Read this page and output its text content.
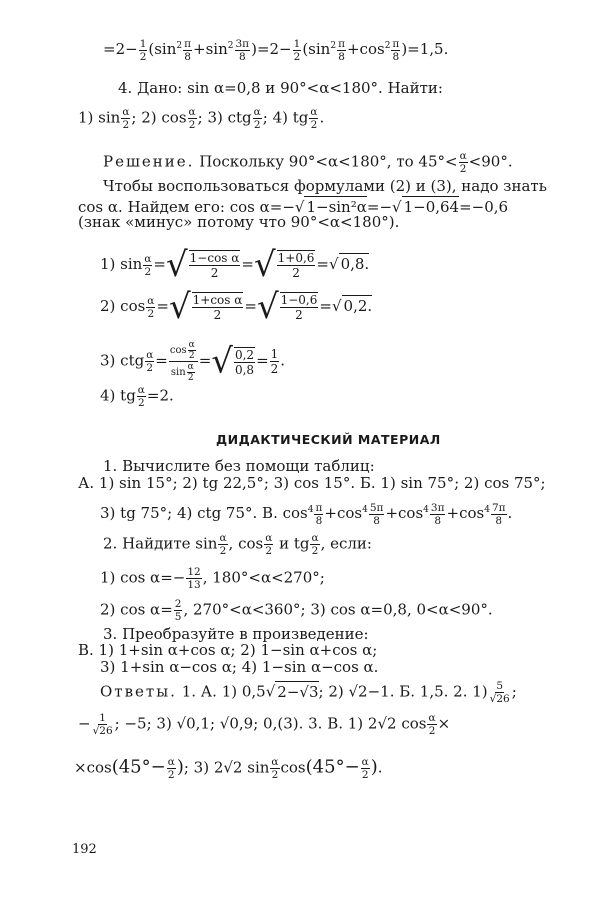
$=2- \frac{1}{2} (\sin^2 \frac{\pi}{8} +\sin^2 \frac{3\pi}{8} )=2- \frac{1}{2} (\sin^2 \frac{\pi}{8} +\cos^2 \frac{\pi}{8} )=1,5$.
4. Дано: sin α=0,8 и 90°<α<180°. Найти:
1) $\sin \frac{\alpha}{2}$ ; 2) $\cos \frac{\alpha}{2}$ ; 3) ctg $\frac{\alpha}{2}$ ; 4) tg $\frac{\alpha}{2}$ .
Решение. Поскольку 90°<α<180°, то $45^\circ< \frac{\alpha}{2} <90^\circ$.
Чтобы воспользоваться формулами (2) и (3), надо знать
cos α. Найдем его: cos α=−√ 1−sin²α=−√ 1−0,64=−0,6
(знак «минус» потому что 90°<α<180°).
1) $\sin \frac{\alpha}{2}$ =√ $\frac{\text{1−cos α}}{2}$ =√ $\frac{1+0,6}{2}$ =√ 0,8.
2) $\cos \frac{\alpha}{2}$ =√ $\frac{\text{1+cos α}}{2}$ =√ $\frac{1-0,6}{2}$ =√ 0,2.
3) ctg $\frac{\alpha}{2} = \frac{\cos \frac{\alpha}{2}}{\sin \frac{\alpha}{2}}$ =√ $\frac{0,2}{0,8} = \frac{1}{2}$ .
4) tg $\frac{\alpha}{2} =2$.
ДИДАКТИЧЕСКИЙ МАТЕРИАЛ
1. Вычислите без помощи таблиц:
А. 1) sin 15°; 2) tg 22,5°; 3) cos 15°. Б. 1) sin 75°; 2) cos 75°;
3) tg 75°; 4) ctg 75°. В. $\cos^4 \frac{\pi}{8} +\cos^4 \frac{5\pi}{8} +\cos^4 \frac{3\pi}{8} +\cos^4 \frac{7\pi}{8}$ .
2. Найдите $\sin \frac{\alpha}{2}$ , $\cos \frac{\alpha}{2}$ и tg $\frac{\alpha}{2}$ , если:
1) $\cos \alpha=- \frac{12}{13}$ , 180°<α<270°;
2) $\cos \alpha= \frac{2}{5}$ , 270°<α<360°; 3) cos α=0,8, 0<α<90°.
3. Преобразуйте в произведение:
В. 1) 1+sin α+cos α; 2) 1−sin α+cos α;
3) 1+sin α−cos α; 4) 1−sin α−cos α.
Ответы. 1. А. 1) 0,5√ 2−√3; 2) √2−1. Б. 1,5. 2. $1) \frac{5}{√26}$ ;
− $\frac{1}{√26}$ ; −5; 3) √0,1; √0,9; 0,(3). 3. В. 1) 2√2 $\cos \frac{\alpha}{2}$ ×
$\times\cos(45^\circ- \frac{\alpha}{2}$ ); 3) 2√2 $\sin \frac{\alpha}{2} \cos(45^\circ- \frac{\alpha}{2}$ ).
192
